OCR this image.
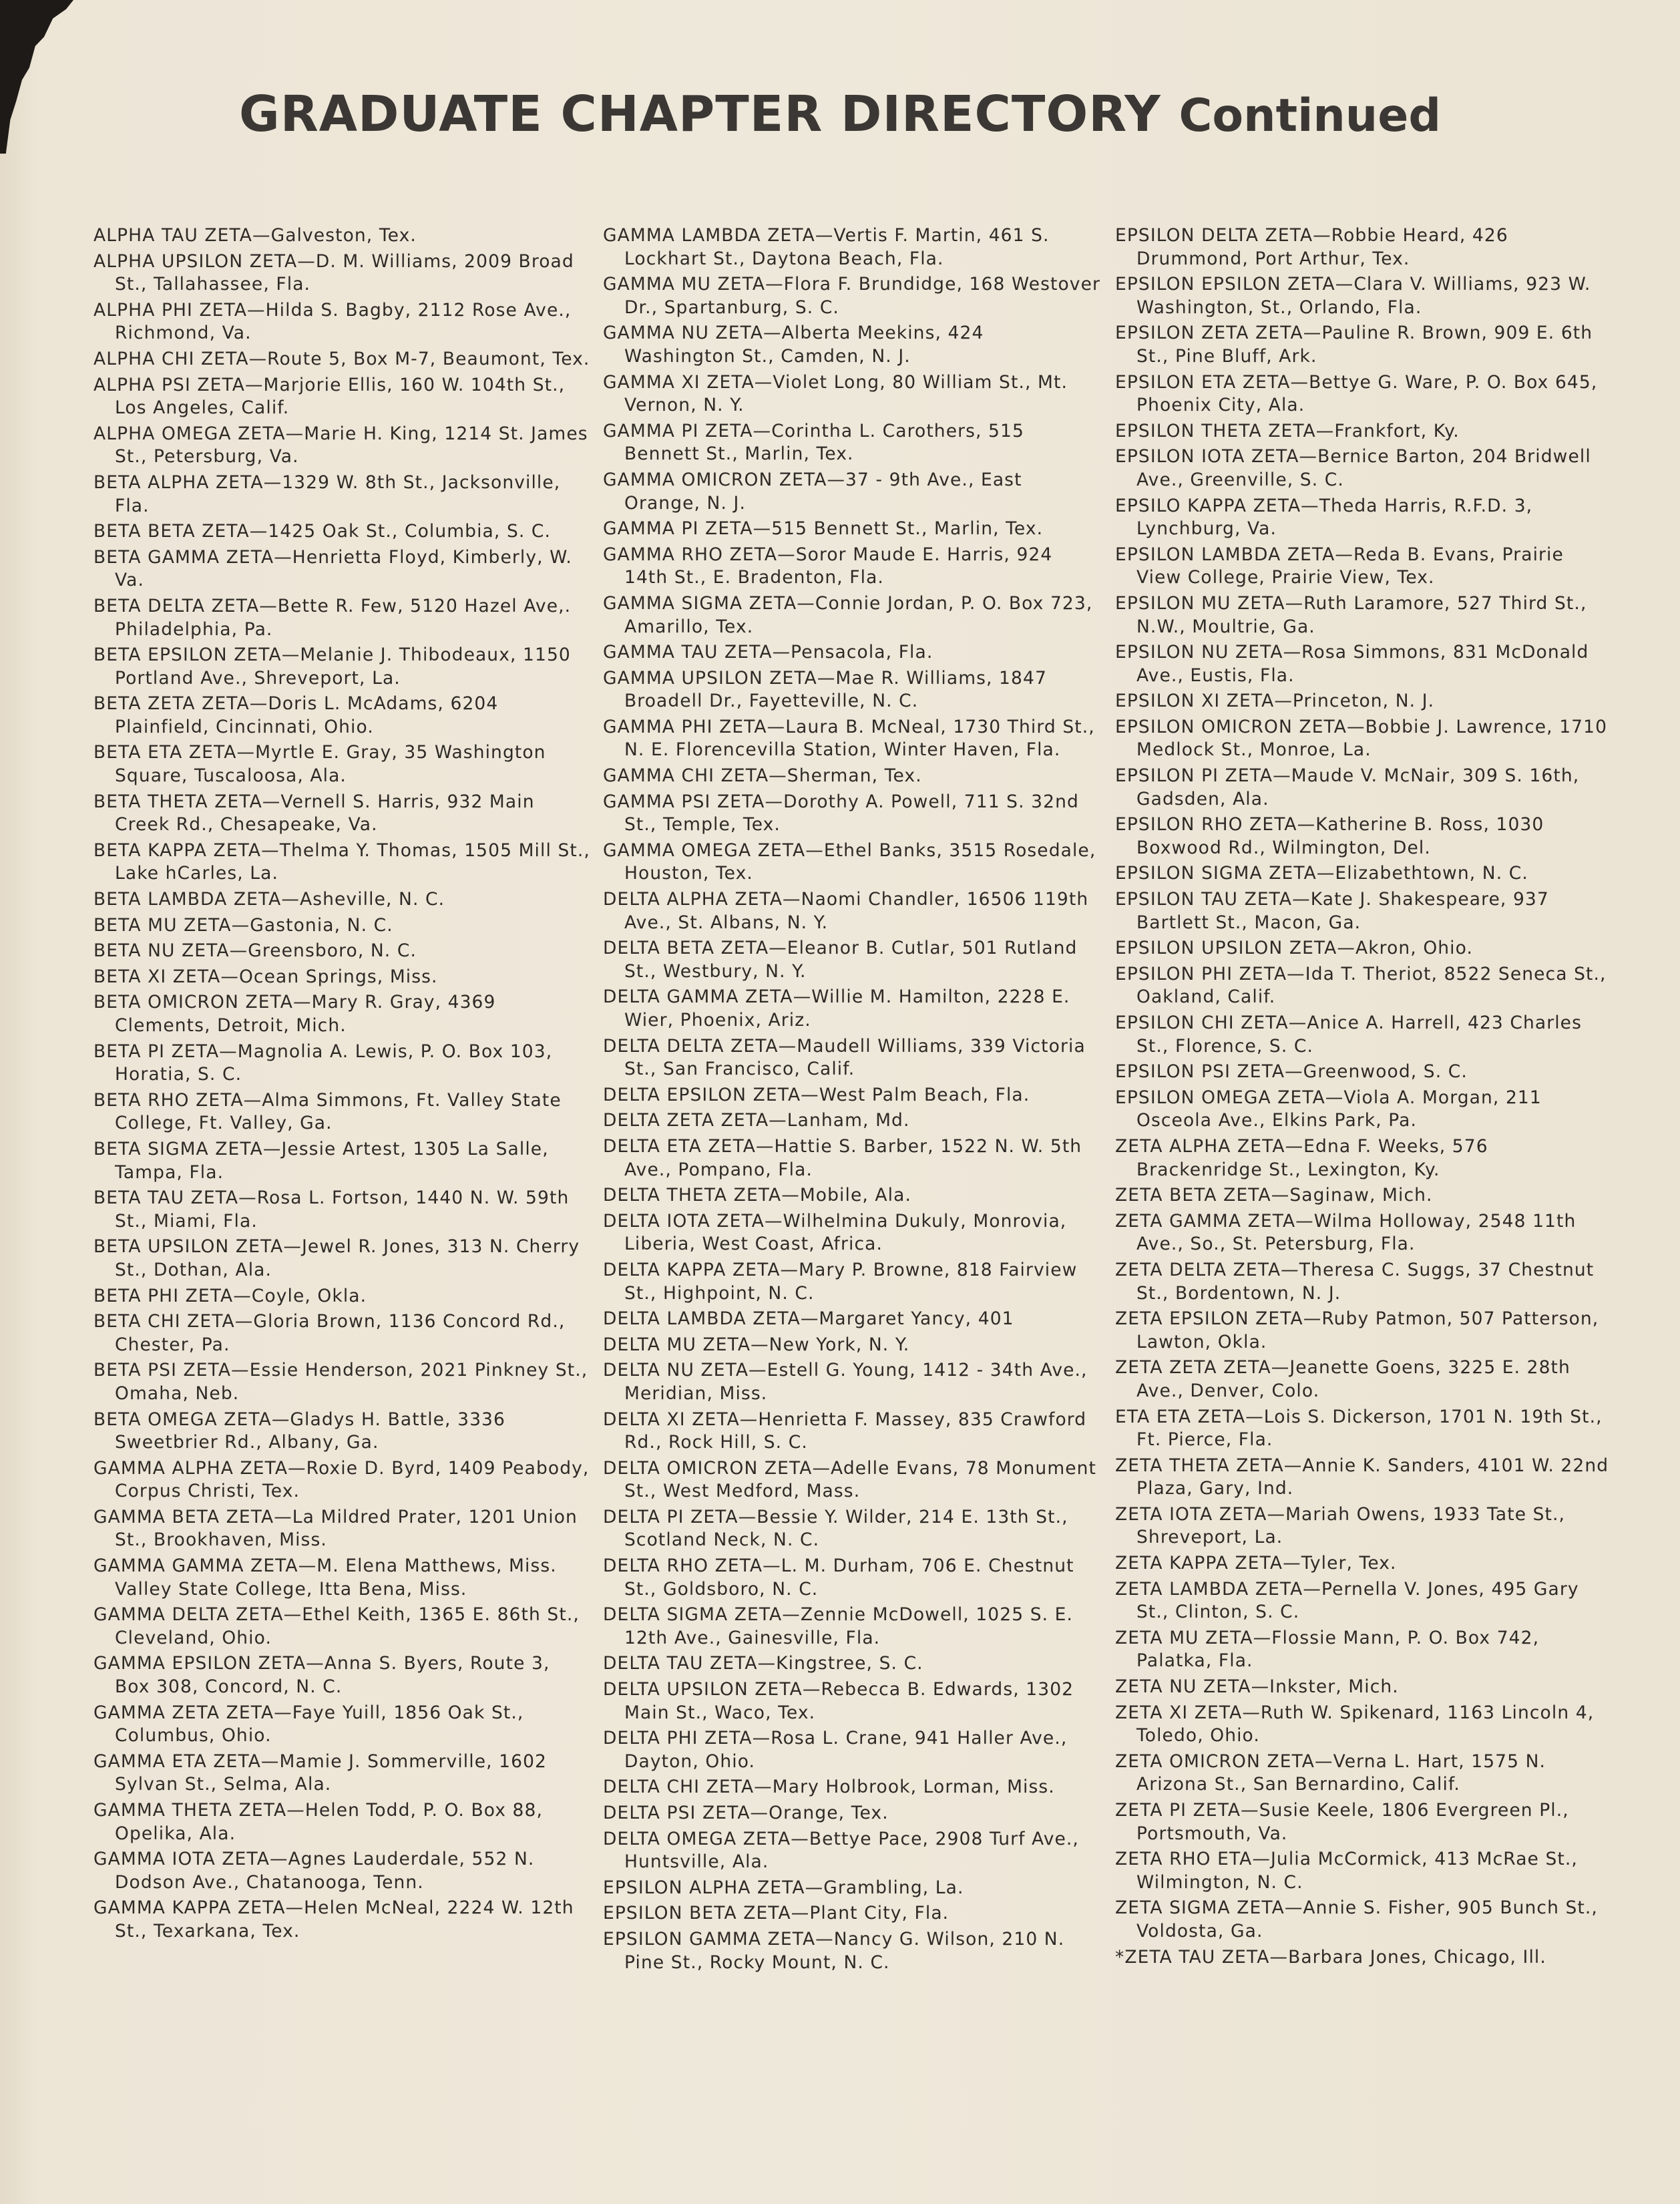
GRADUATE CHAPTER DIRECTORY Continued
ALPHA TAU ZETA—Galveston, Tex.
ALPHA UPSILON ZETA—D. M. Williams, 2009 Broad St., Tallahassee, Fla.
ALPHA PHI ZETA—Hilda S. Bagby, 2112 Rose Ave., Richmond, Va.
ALPHA CHI ZETA—Route 5, Box M-7, Beaumont, Tex.
ALPHA PSI ZETA—Marjorie Ellis, 160 W. 104th St., Los Angeles, Calif.
ALPHA OMEGA ZETA—Marie H. King, 1214 St. James St., Petersburg, Va.
BETA ALPHA ZETA—1329 W. 8th St., Jacksonville, Fla.
BETA BETA ZETA—1425 Oak St., Columbia, S. C.
BETA GAMMA ZETA—Henrietta Floyd, Kimberly, W. Va.
BETA DELTA ZETA—Bette R. Few, 5120 Hazel Ave,. Philadelphia, Pa.
BETA EPSILON ZETA—Melanie J. Thibodeaux, 1150 Portland Ave., Shreveport, La.
BETA ZETA ZETA—Doris L. McAdams, 6204 Plainfield, Cincinnati, Ohio.
BETA ETA ZETA—Myrtle E. Gray, 35 Washington Square, Tuscaloosa, Ala.
BETA THETA ZETA—Vernell S. Harris, 932 Main Creek Rd., Chesapeake, Va.
BETA KAPPA ZETA—Thelma Y. Thomas, 1505 Mill St., Lake hCarles, La.
BETA LAMBDA ZETA—Asheville, N. C.
BETA MU ZETA—Gastonia, N. C.
BETA NU ZETA—Greensboro, N. C.
BETA XI ZETA—Ocean Springs, Miss.
BETA OMICRON ZETA—Mary R. Gray, 4369 Clements, Detroit, Mich.
BETA PI ZETA—Magnolia A. Lewis, P. O. Box 103, Horatia, S. C.
BETA RHO ZETA—Alma Simmons, Ft. Valley State College, Ft. Valley, Ga.
BETA SIGMA ZETA—Jessie Artest, 1305 La Salle, Tampa, Fla.
BETA TAU ZETA—Rosa L. Fortson, 1440 N. W. 59th St., Miami, Fla.
BETA UPSILON ZETA—Jewel R. Jones, 313 N. Cherry St., Dothan, Ala.
BETA PHI ZETA—Coyle, Okla.
BETA CHI ZETA—Gloria Brown, 1136 Concord Rd., Chester, Pa.
BETA PSI ZETA—Essie Henderson, 2021 Pinkney St., Omaha, Neb.
BETA OMEGA ZETA—Gladys H. Battle, 3336 Sweetbrier Rd., Albany, Ga.
GAMMA ALPHA ZETA—Roxie D. Byrd, 1409 Peabody, Corpus Christi, Tex.
GAMMA BETA ZETA—La Mildred Prater, 1201 Union St., Brookhaven, Miss.
GAMMA GAMMA ZETA—M. Elena Matthews, Miss. Valley State College, Itta Bena, Miss.
GAMMA DELTA ZETA—Ethel Keith, 1365 E. 86th St., Cleveland, Ohio.
GAMMA EPSILON ZETA—Anna S. Byers, Route 3, Box 308, Concord, N. C.
GAMMA ZETA ZETA—Faye Yuill, 1856 Oak St., Columbus, Ohio.
GAMMA ETA ZETA—Mamie J. Sommerville, 1602 Sylvan St., Selma, Ala.
GAMMA THETA ZETA—Helen Todd, P. O. Box 88, Opelika, Ala.
GAMMA IOTA ZETA—Agnes Lauderdale, 552 N. Dodson Ave., Chatanooga, Tenn.
GAMMA KAPPA ZETA—Helen McNeal, 2224 W. 12th St., Texarkana, Tex.
GAMMA LAMBDA ZETA—Vertis F. Martin, 461 S. Lockhart St., Daytona Beach, Fla.
GAMMA MU ZETA—Flora F. Brundidge, 168 Westover Dr., Spartanburg, S. C.
GAMMA NU ZETA—Alberta Meekins, 424 Washington St., Camden, N. J.
GAMMA XI ZETA—Violet Long, 80 William St., Mt. Vernon, N. Y.
GAMMA PI ZETA—Corintha L. Carothers, 515 Bennett St., Marlin, Tex.
GAMMA OMICRON ZETA—37 - 9th Ave., East Orange, N. J.
GAMMA PI ZETA—515 Bennett St., Marlin, Tex.
GAMMA RHO ZETA—Soror Maude E. Harris, 924 14th St., E. Bradenton, Fla.
GAMMA SIGMA ZETA—Connie Jordan, P. O. Box 723, Amarillo, Tex.
GAMMA TAU ZETA—Pensacola, Fla.
GAMMA UPSILON ZETA—Mae R. Williams, 1847 Broadell Dr., Fayetteville, N. C.
GAMMA PHI ZETA—Laura B. McNeal, 1730 Third St., N. E. Florencevilla Station, Winter Haven, Fla.
GAMMA CHI ZETA—Sherman, Tex.
GAMMA PSI ZETA—Dorothy A. Powell, 711 S. 32nd St., Temple, Tex.
GAMMA OMEGA ZETA—Ethel Banks, 3515 Rosedale, Houston, Tex.
DELTA ALPHA ZETA—Naomi Chandler, 16506 119th Ave., St. Albans, N. Y.
DELTA BETA ZETA—Eleanor B. Cutlar, 501 Rutland St., Westbury, N. Y.
DELTA GAMMA ZETA—Willie M. Hamilton, 2228 E. Wier, Phoenix, Ariz.
DELTA DELTA ZETA—Maudell Williams, 339 Victoria St., San Francisco, Calif.
DELTA EPSILON ZETA—West Palm Beach, Fla.
DELTA ZETA ZETA—Lanham, Md.
DELTA ETA ZETA—Hattie S. Barber, 1522 N. W. 5th Ave., Pompano, Fla.
DELTA THETA ZETA—Mobile, Ala.
DELTA IOTA ZETA—Wilhelmina Dukuly, Monrovia, Liberia, West Coast, Africa.
DELTA KAPPA ZETA—Mary P. Browne, 818 Fairview St., Highpoint, N. C.
DELTA LAMBDA ZETA—Margaret Yancy, 401
DELTA MU ZETA—New York, N. Y.
DELTA NU ZETA—Estell G. Young, 1412 - 34th Ave., Meridian, Miss.
DELTA XI ZETA—Henrietta F. Massey, 835 Crawford Rd., Rock Hill, S. C.
DELTA OMICRON ZETA—Adelle Evans, 78 Monument St., West Medford, Mass.
DELTA PI ZETA—Bessie Y. Wilder, 214 E. 13th St., Scotland Neck, N. C.
DELTA RHO ZETA—L. M. Durham, 706 E. Chestnut St., Goldsboro, N. C.
DELTA SIGMA ZETA—Zennie McDowell, 1025 S. E. 12th Ave., Gainesville, Fla.
DELTA TAU ZETA—Kingstree, S. C.
DELTA UPSILON ZETA—Rebecca B. Edwards, 1302 Main St., Waco, Tex.
DELTA PHI ZETA—Rosa L. Crane, 941 Haller Ave., Dayton, Ohio.
DELTA CHI ZETA—Mary Holbrook, Lorman, Miss.
DELTA PSI ZETA—Orange, Tex.
DELTA OMEGA ZETA—Bettye Pace, 2908 Turf Ave., Huntsville, Ala.
EPSILON ALPHA ZETA—Grambling, La.
EPSILON BETA ZETA—Plant City, Fla.
EPSILON GAMMA ZETA—Nancy G. Wilson, 210 N. Pine St., Rocky Mount, N. C.
EPSILON DELTA ZETA—Robbie Heard, 426 Drummond, Port Arthur, Tex.
EPSILON EPSILON ZETA—Clara V. Williams, 923 W. Washington, St., Orlando, Fla.
EPSILON ZETA ZETA—Pauline R. Brown, 909 E. 6th St., Pine Bluff, Ark.
EPSILON ETA ZETA—Bettye G. Ware, P. O. Box 645, Phoenix City, Ala.
EPSILON THETA ZETA—Frankfort, Ky.
EPSILON IOTA ZETA—Bernice Barton, 204 Bridwell Ave., Greenville, S. C.
EPSILO KAPPA ZETA—Theda Harris, R.F.D. 3, Lynchburg, Va.
EPSILON LAMBDA ZETA—Reda B. Evans, Prairie View College, Prairie View, Tex.
EPSILON MU ZETA—Ruth Laramore, 527 Third St., N.W., Moultrie, Ga.
EPSILON NU ZETA—Rosa Simmons, 831 McDonald Ave., Eustis, Fla.
EPSILON XI ZETA—Princeton, N. J.
EPSILON OMICRON ZETA—Bobbie J. Lawrence, 1710 Medlock St., Monroe, La.
EPSILON PI ZETA—Maude V. McNair, 309 S. 16th, Gadsden, Ala.
EPSILON RHO ZETA—Katherine B. Ross, 1030 Boxwood Rd., Wilmington, Del.
EPSILON SIGMA ZETA—Elizabethtown, N. C.
EPSILON TAU ZETA—Kate J. Shakespeare, 937 Bartlett St., Macon, Ga.
EPSILON UPSILON ZETA—Akron, Ohio.
EPSILON PHI ZETA—Ida T. Theriot, 8522 Seneca St., Oakland, Calif.
EPSILON CHI ZETA—Anice A. Harrell, 423 Charles St., Florence, S. C.
EPSILON PSI ZETA—Greenwood, S. C.
EPSILON OMEGA ZETA—Viola A. Morgan, 211 Osceola Ave., Elkins Park, Pa.
ZETA ALPHA ZETA—Edna F. Weeks, 576 Brackenridge St., Lexington, Ky.
ZETA BETA ZETA—Saginaw, Mich.
ZETA GAMMA ZETA—Wilma Holloway, 2548 11th Ave., So., St. Petersburg, Fla.
ZETA DELTA ZETA—Theresa C. Suggs, 37 Chestnut St., Bordentown, N. J.
ZETA EPSILON ZETA—Ruby Patmon, 507 Patterson, Lawton, Okla.
ZETA ZETA ZETA—Jeanette Goens, 3225 E. 28th Ave., Denver, Colo.
ETA ETA ZETA—Lois S. Dickerson, 1701 N. 19th St., Ft. Pierce, Fla.
ZETA THETA ZETA—Annie K. Sanders, 4101 W. 22nd Plaza, Gary, Ind.
ZETA IOTA ZETA—Mariah Owens, 1933 Tate St., Shreveport, La.
ZETA KAPPA ZETA—Tyler, Tex.
ZETA LAMBDA ZETA—Pernella V. Jones, 495 Gary St., Clinton, S. C.
ZETA MU ZETA—Flossie Mann, P. O. Box 742, Palatka, Fla.
ZETA NU ZETA—Inkster, Mich.
ZETA XI ZETA—Ruth W. Spikenard, 1163 Lincoln 4, Toledo, Ohio.
ZETA OMICRON ZETA—Verna L. Hart, 1575 N. Arizona St., San Bernardino, Calif.
ZETA PI ZETA—Susie Keele, 1806 Evergreen Pl., Portsmouth, Va.
ZETA RHO ETA—Julia McCormick, 413 McRae St., Wilmington, N. C.
ZETA SIGMA ZETA—Annie S. Fisher, 905 Bunch St., Voldosta, Ga.
*ZETA TAU ZETA—Barbara Jones, Chicago, Ill.
